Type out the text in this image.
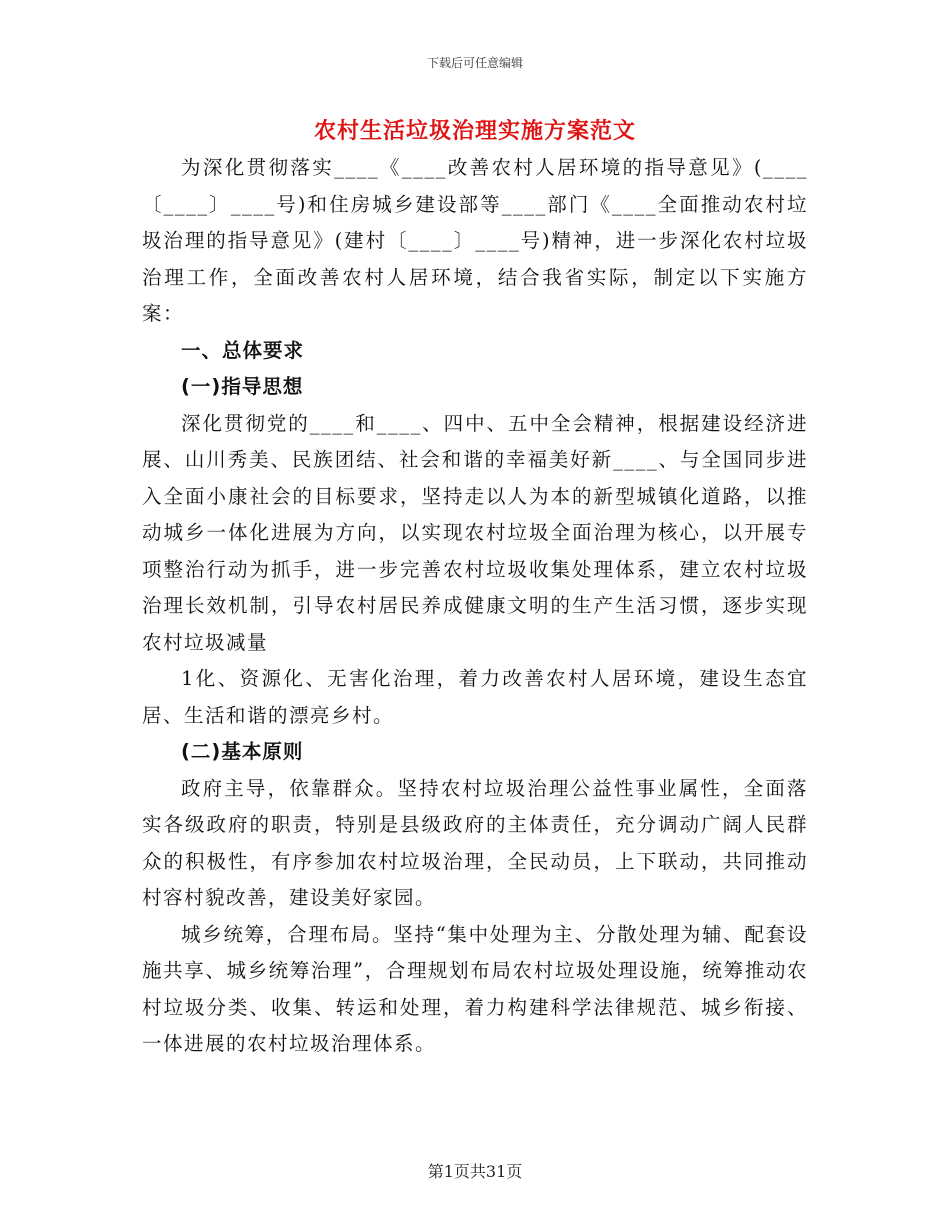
下载后可任意编辑
农村生活垃圾治理实施方案范文

为深化贯彻落实____《____改善农村人居环境的指导意见》(____〔____〕____号)和住房城乡建设部等____部门《____全面推动农村垃圾治理的指导意见》(建村〔____〕____号)精神，进一步深化农村垃圾治理工作，全面改善农村人居环境，结合我省实际，制定以下实施方案：

一、总体要求

(一)指导思想

深化贯彻党的____和____、四中、五中全会精神，根据建设经济进展、山川秀美、民族团结、社会和谐的幸福美好新____、与全国同步进入全面小康社会的目标要求，坚持走以人为本的新型城镇化道路，以推动城乡一体化进展为方向，以实现农村垃圾全面治理为核心，以开展专项整治行动为抓手，进一步完善农村垃圾收集处理体系，建立农村垃圾治理长效机制，引导农村居民养成健康文明的生产生活习惯，逐步实现农村垃圾减量

1化、资源化、无害化治理，着力改善农村人居环境，建设生态宜居、生活和谐的漂亮乡村。

(二)基本原则

政府主导，依靠群众。坚持农村垃圾治理公益性事业属性，全面落实各级政府的职责，特别是县级政府的主体责任，充分调动广阔人民群众的积极性，有序参加农村垃圾治理，全民动员，上下联动，共同推动村容村貌改善，建设美好家园。

城乡统筹，合理布局。坚持“集中处理为主、分散处理为辅、配套设施共享、城乡统筹治理”，合理规划布局农村垃圾处理设施，统筹推动农村垃圾分类、收集、转运和处理，着力构建科学法律规范、城乡衔接、一体进展的农村垃圾治理体系。

第1页共31页
